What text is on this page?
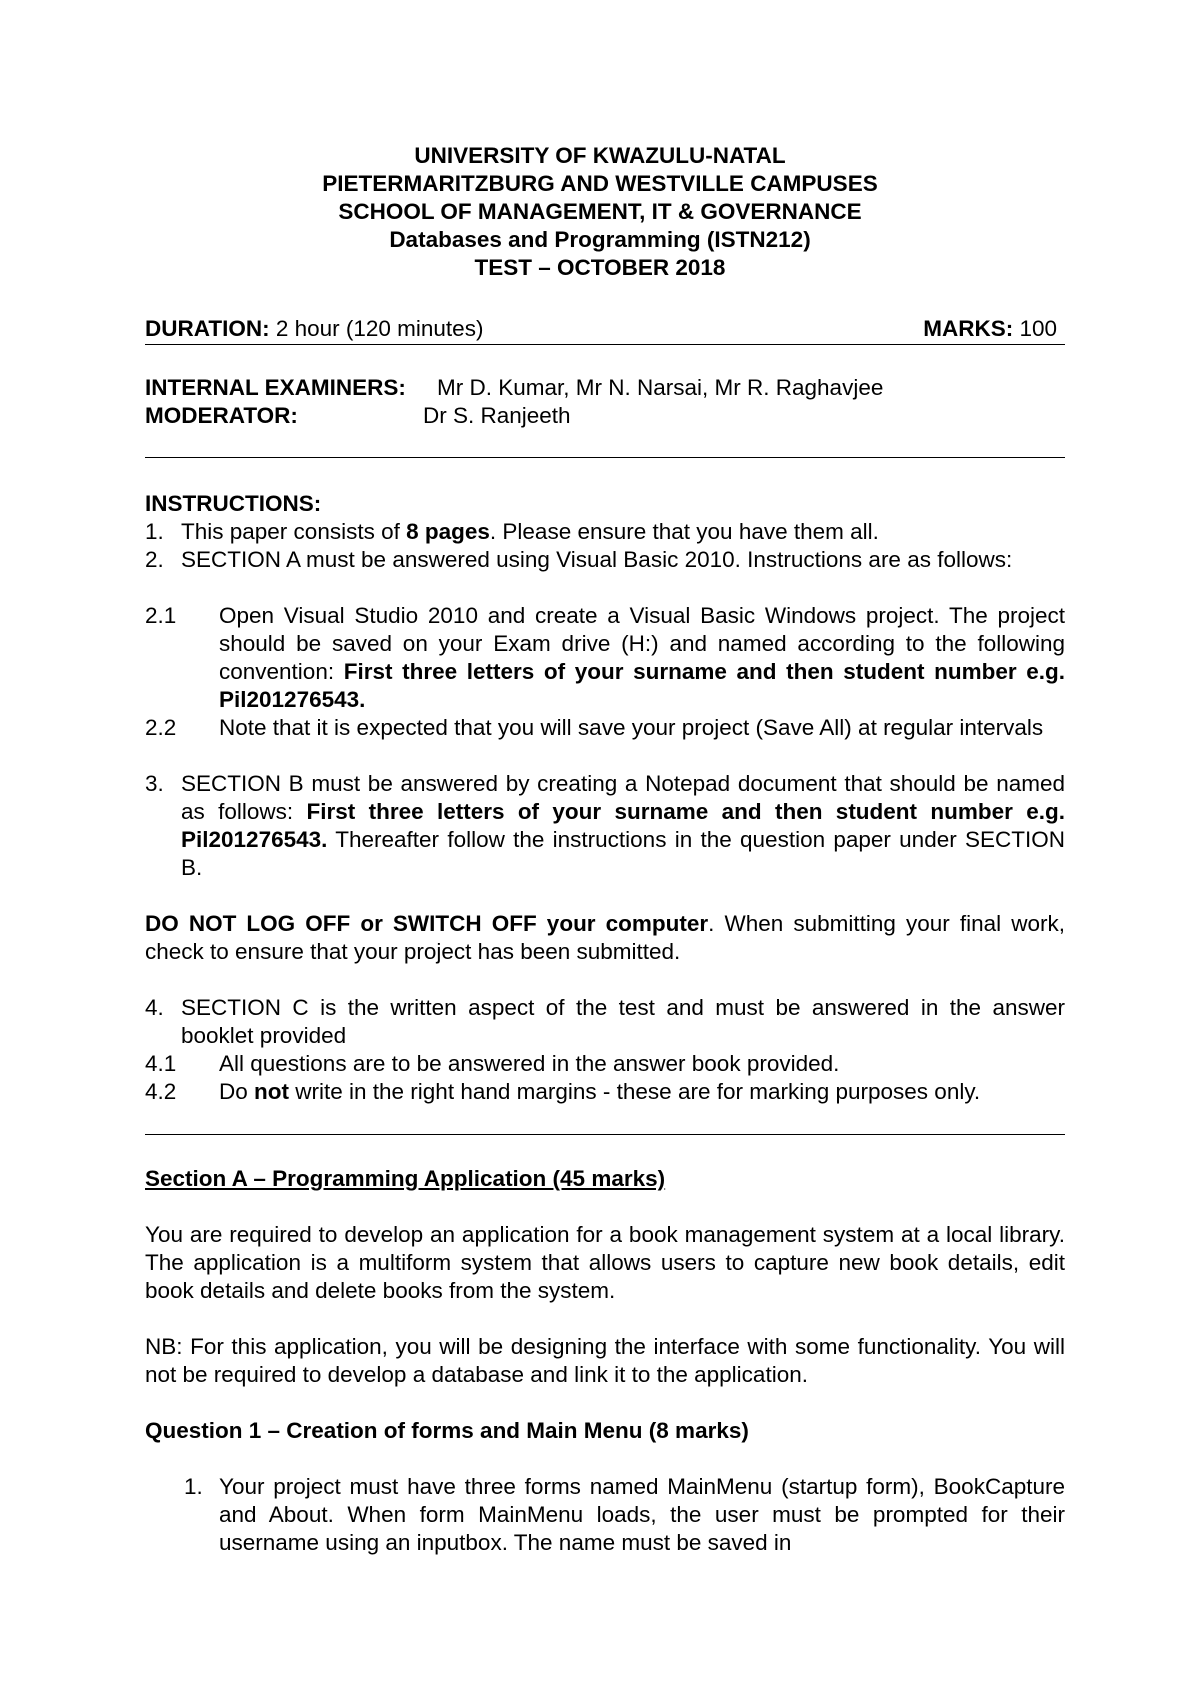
UNIVERSITY OF KWAZULU-NATAL
PIETERMARITZBURG AND WESTVILLE CAMPUSES
SCHOOL OF MANAGEMENT, IT & GOVERNANCE
Databases and Programming (ISTN212)
TEST – OCTOBER 2018
DURATION: 2 hour (120 minutes)	MARKS: 100
INTERNAL EXAMINERS: Mr D. Kumar, Mr N. Narsai, Mr R. Raghavjee
MODERATOR:	Dr S. Ranjeeth
INSTRUCTIONS:
1. This paper consists of 8 pages. Please ensure that you have them all.
2. SECTION A must be answered using Visual Basic 2010. Instructions are as follows:
2.1	Open Visual Studio 2010 and create a Visual Basic Windows project. The project should be saved on your Exam drive (H:) and named according to the following convention: First three letters of your surname and then student number e.g. Pil201276543.
2.2	Note that it is expected that you will save your project (Save All) at regular intervals
3. SECTION B must be answered by creating a Notepad document that should be named as follows: First three letters of your surname and then student number e.g. Pil201276543. Thereafter follow the instructions in the question paper under SECTION B.
DO NOT LOG OFF or SWITCH OFF your computer. When submitting your final work, check to ensure that your project has been submitted.
4. SECTION C is the written aspect of the test and must be answered in the answer booklet provided
4.1	All questions are to be answered in the answer book provided.
4.2	Do not write in the right hand margins - these are for marking purposes only.
Section A – Programming Application (45 marks)
You are required to develop an application for a book management system at a local library. The application is a multiform system that allows users to capture new book details, edit book details and delete books from the system.
NB: For this application, you will be designing the interface with some functionality. You will not be required to develop a database and link it to the application.
Question 1 – Creation of forms and Main Menu (8 marks)
1. Your project must have three forms named MainMenu (startup form), BookCapture and About. When form MainMenu loads, the user must be prompted for their username using an inputbox. The name must be saved in
